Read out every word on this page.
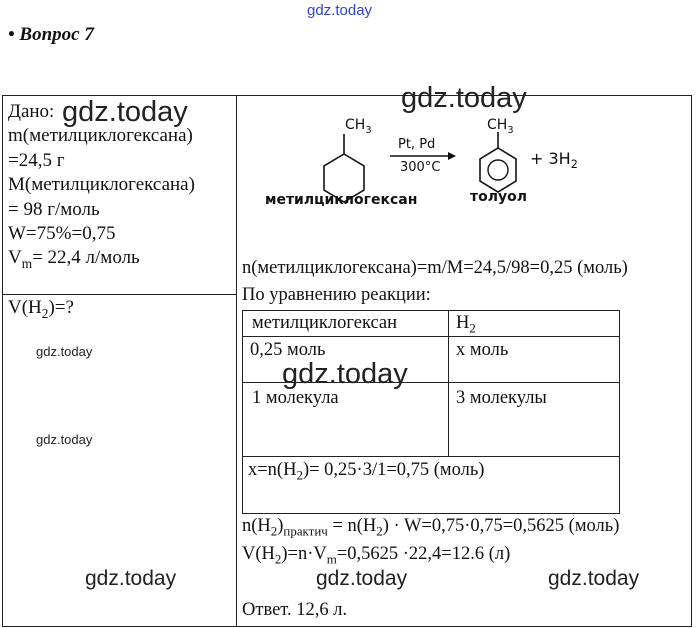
gdz.today
• Вопрос 7
Дано:
m(метилциклогексана)
=24,5 г
M(метилциклогексана)
= 98 г/моль
W=75%=0,75
$V_m= 22,4$ л/моль
$V(H_2)=$?
$CH_3$
Pt, Pd
300°C
$CH_3$
+ $3H_2$
метилциклогексан	толуол
n(метилциклогексана)=m/M=24,5/98=0,25 (моль)
По уравнению реакции:
метилциклогексан	$H_2$
0,25 моль	x моль
1 молекула	3 молекулы
$x=n(H_2)= 0,25\cdot 3/1=0,75$ (моль)
$n(H_2)_{практич} = n(H_2) \cdot W=0,75\cdot 0,75=0,5625$ (моль)
$V(H_2)=n\cdot V_m=0,5625 \cdot 22,4=12.6$ (л)
Ответ. 12,6 л.
gdz.today	gdz.today
gdz.today
gdz.today
gdz.today
gdz.today	gdz.today	gdz.today
